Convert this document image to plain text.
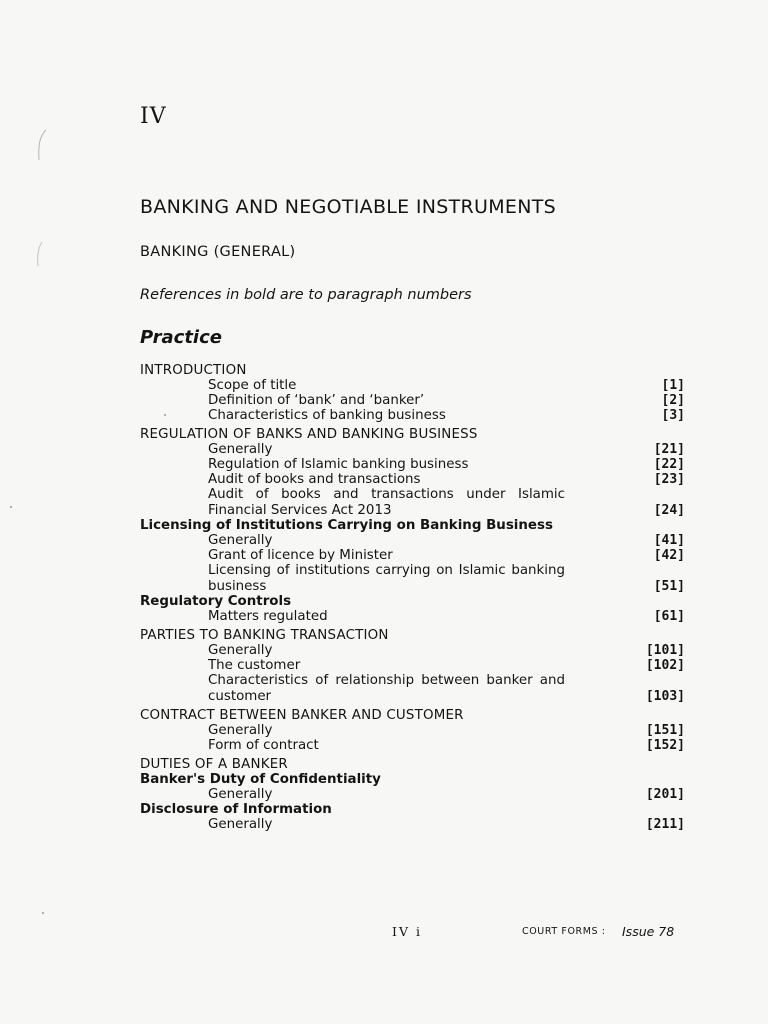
IV
BANKING AND NEGOTIABLE INSTRUMENTS
BANKING (GENERAL)
References in bold are to paragraph numbers
Practice
INTRODUCTION
Scope of title	[1]
Definition of ‘bank’ and ‘banker’	[2]
Characteristics of banking business	[3]
REGULATION OF BANKS AND BANKING BUSINESS
Generally	[21]
Regulation of Islamic banking business	[22]
Audit of books and transactions	[23]
Audit of books and transactions under Islamic Financial Services Act 2013	[24]
Licensing of Institutions Carrying on Banking Business
Generally	[41]
Grant of licence by Minister	[42]
Licensing of institutions carrying on Islamic banking business	[51]
Regulatory Controls
Matters regulated	[61]
PARTIES TO BANKING TRANSACTION
Generally	[101]
The customer	[102]
Characteristics of relationship between banker and customer	[103]
CONTRACT BETWEEN BANKER AND CUSTOMER
Generally	[151]
Form of contract	[152]
DUTIES OF A BANKER
Banker's Duty of Confidentiality
Generally	[201]
Disclosure of Information
Generally	[211]
IV i	COURT FORMS : Issue 78
